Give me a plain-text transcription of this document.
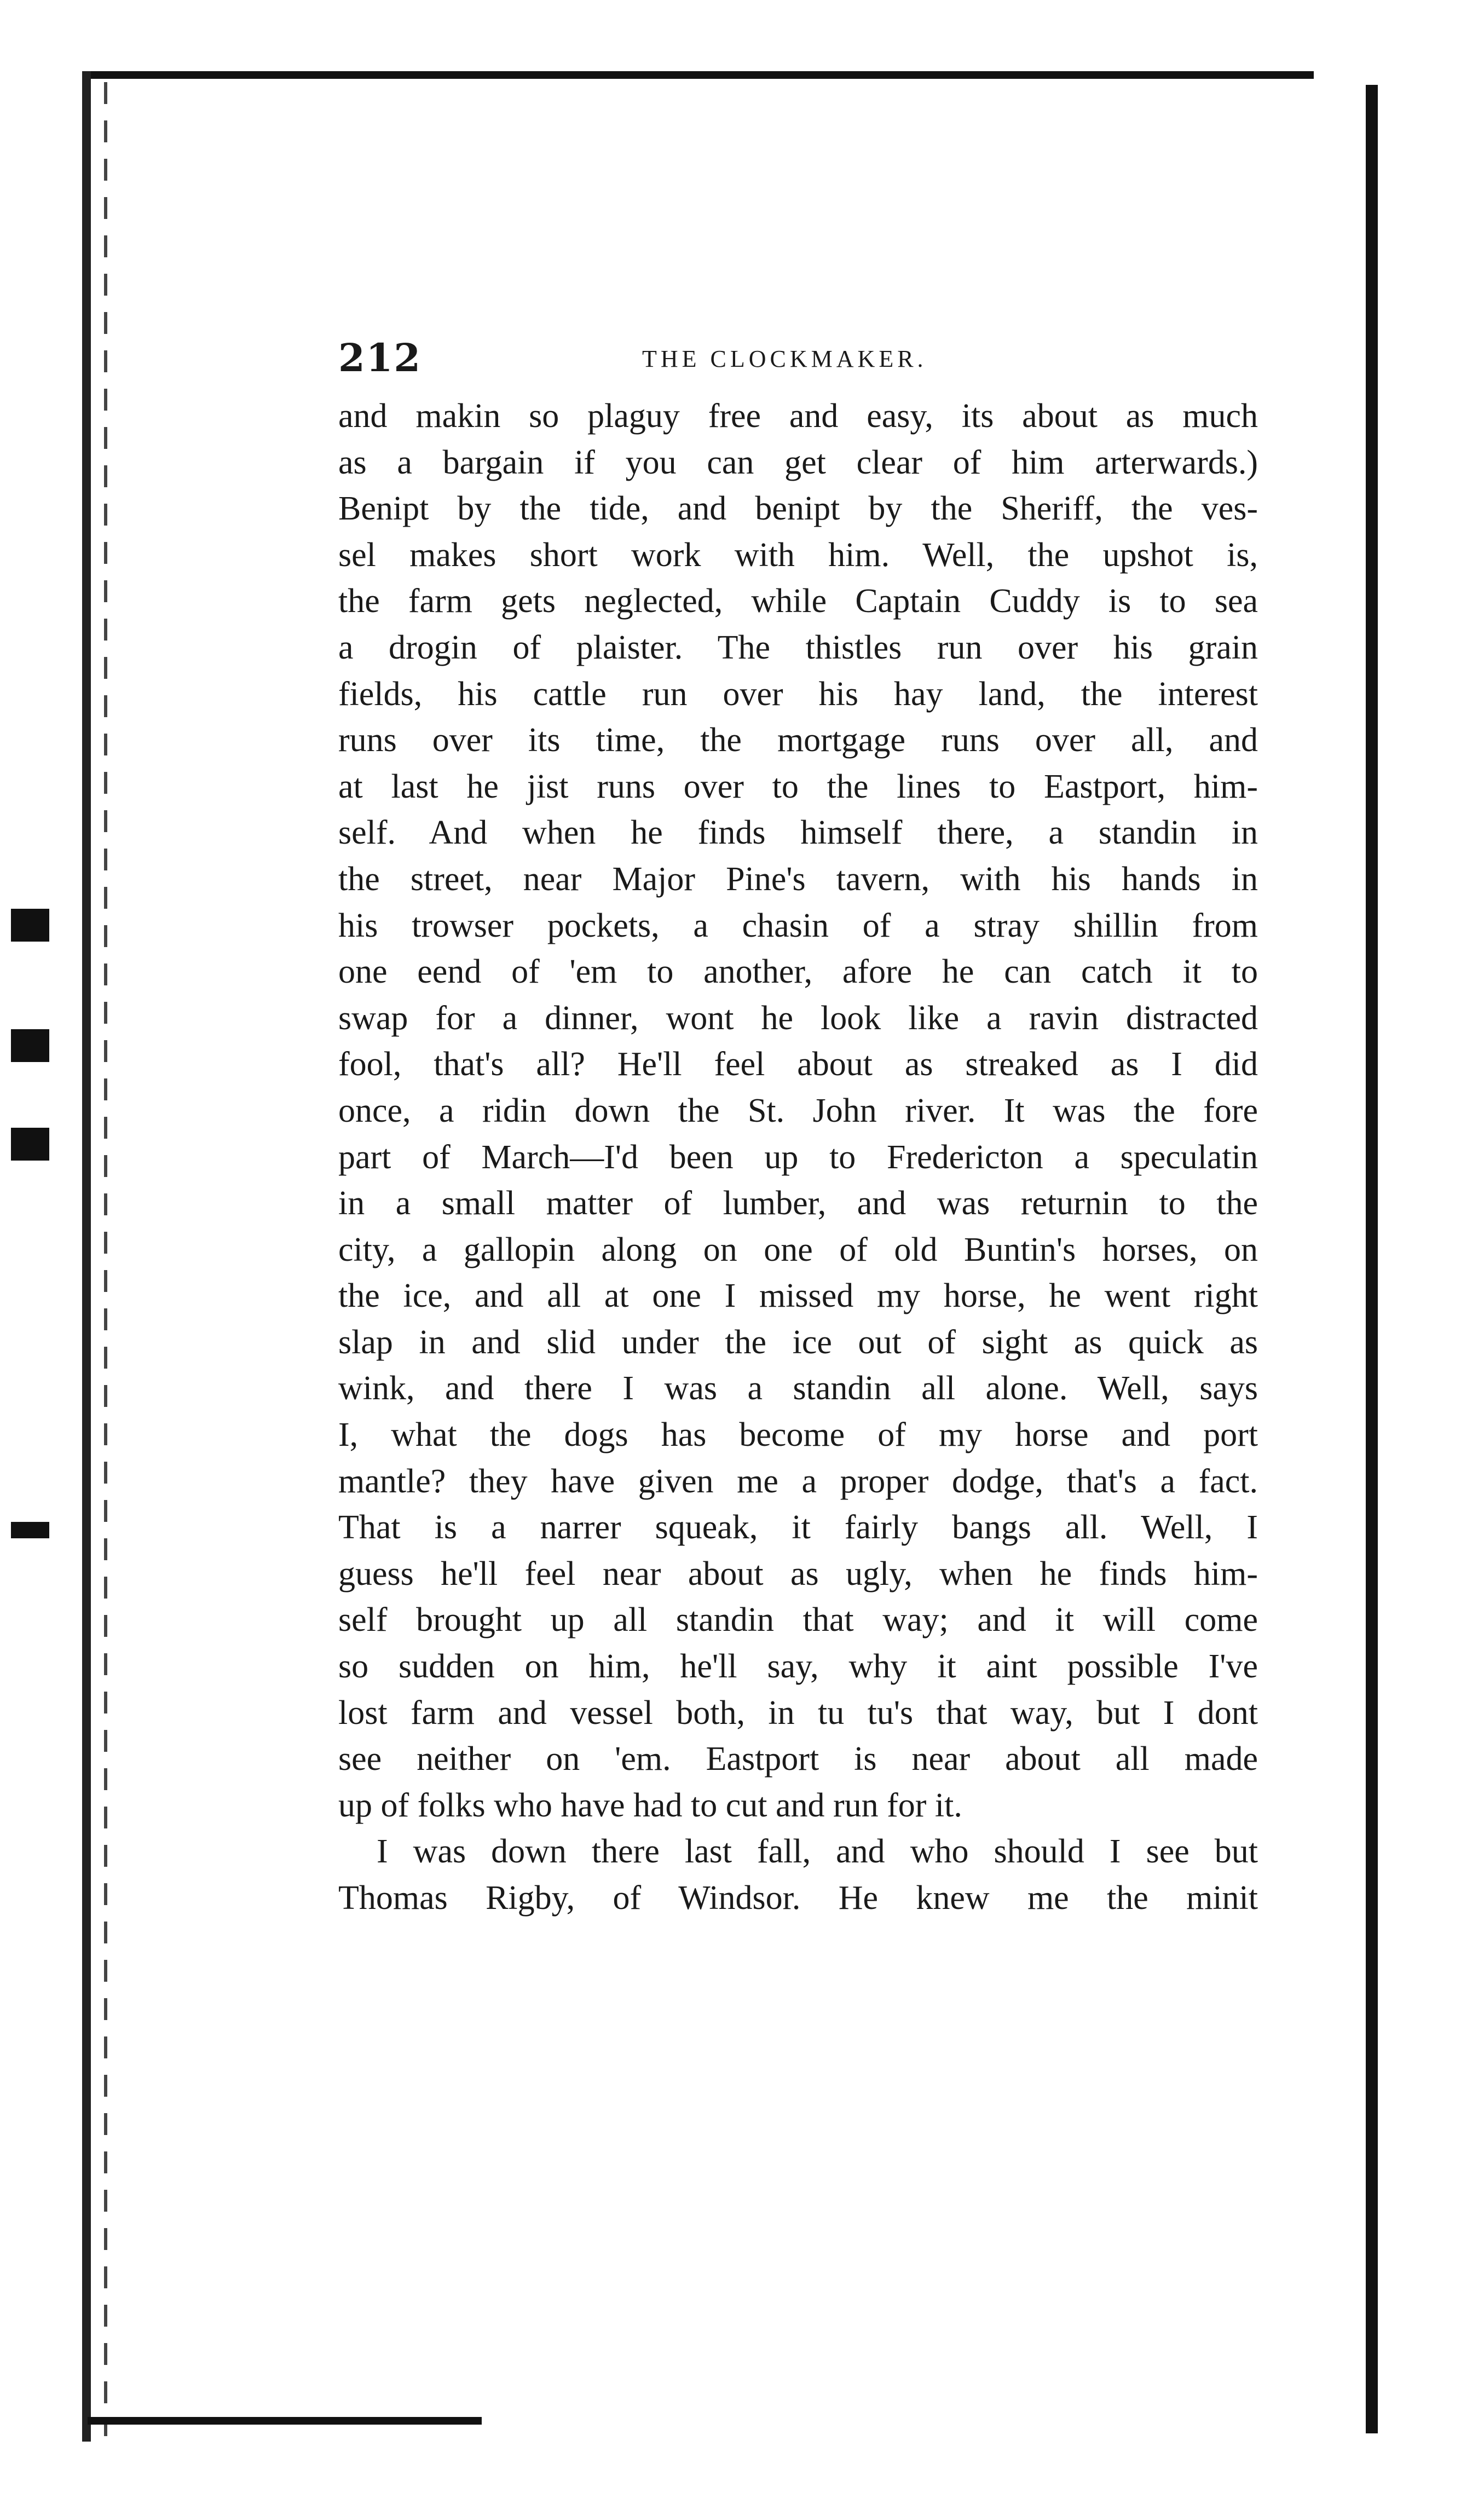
212	THE CLOCKMAKER.
and makin so plaguy free and easy, its about as much
as a bargain if you can get clear of him arterwards.)
Benipt by the tide, and benipt by the Sheriff, the ves-
sel makes short work with him. Well, the upshot is,
the farm gets neglected, while Captain Cuddy is to sea
a drogin of plaister. The thistles run over his grain
fields, his cattle run over his hay land, the interest
runs over its time, the mortgage runs over all, and
at last he jist runs over to the lines to Eastport, him-
self. And when he finds himself there, a standin in
the street, near Major Pine's tavern, with his hands in
his trowser pockets, a chasin of a stray shillin from
one eend of 'em to another, afore he can catch it to
swap for a dinner, wont he look like a ravin distracted
fool, that's all? He'll feel about as streaked as I did
once, a ridin down the St. John river. It was the fore
part of March—I'd been up to Fredericton a speculatin
in a small matter of lumber, and was returnin to the
city, a gallopin along on one of old Buntin's horses, on
the ice, and all at one I missed my horse, he went right
slap in and slid under the ice out of sight as quick as
wink, and there I was a standin all alone. Well, says
I, what the dogs has become of my horse and port
mantle? they have given me a proper dodge, that's a fact.
That is a narrer squeak, it fairly bangs all. Well, I
guess he'll feel near about as ugly, when he finds him-
self brought up all standin that way; and it will come
so sudden on him, he'll say, why it aint possible I've
lost farm and vessel both, in tu tu's that way, but I dont
see neither on 'em. Eastport is near about all made
up of folks who have had to cut and run for it.
I was down there last fall, and who should I see but
Thomas Rigby, of Windsor. He knew me the minit
